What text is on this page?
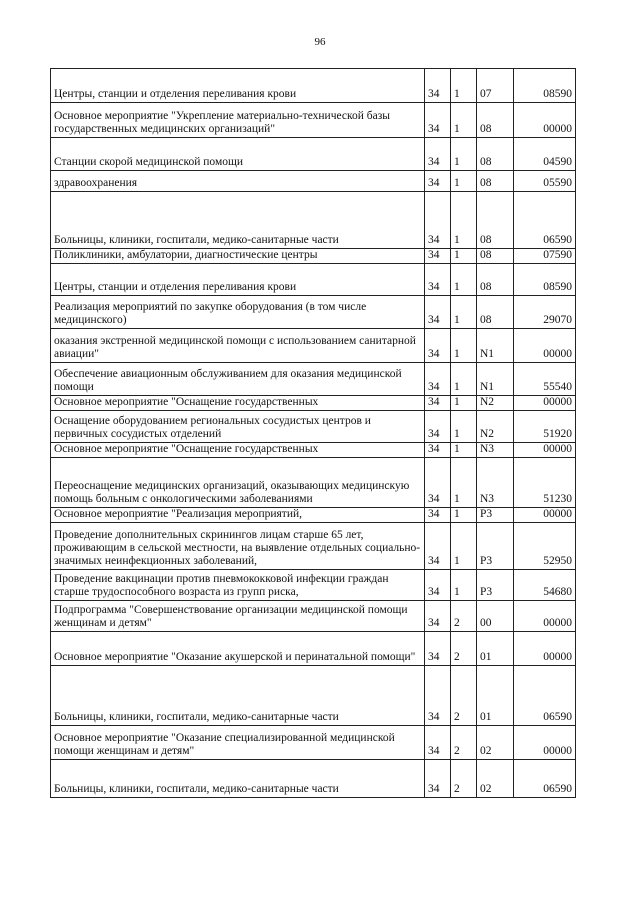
96
Центры, станции и отделения переливания крови	34	1	07	08590
Основное мероприятие "Укрепление материально-технической базы государственных медицинских организаций"	34	1	08	00000
Станции скорой медицинской помощи	34	1	08	04590
здравоохранения	34	1	08	05590
Больницы, клиники, госпитали, медико-санитарные части	34	1	08	06590
Поликлиники, амбулатории, диагностические центры	34	1	08	07590
Центры, станции и отделения переливания крови	34	1	08	08590
Реализация мероприятий по закупке оборудования (в том числе медицинского)	34	1	08	29070
оказания экстренной медицинской помощи с использованием санитарной авиации"	34	1	N1	00000
Обеспечение авиационным обслуживанием для оказания медицинской помощи	34	1	N1	55540
Основное мероприятие "Оснащение государственных	34	1	N2	00000
Оснащение оборудованием региональных сосудистых центров и первичных сосудистых отделений	34	1	N2	51920
Основное мероприятие "Оснащение государственных	34	1	N3	00000
Переоснащение медицинских организаций, оказывающих медицинскую помощь больным с онкологическими заболеваниями	34	1	N3	51230
Основное мероприятие "Реализация мероприятий,	34	1	P3	00000
Проведение дополнительных скринингов лицам старше 65 лет, проживающим в сельской местности, на выявление отдельных социально-значимых неинфекционных заболеваний,	34	1	P3	52950
Проведение вакцинации против пневмококковой инфекции граждан старше трудоспособного возраста из групп риска,	34	1	P3	54680
Подпрограмма "Совершенствование организации медицинской помощи женщинам и детям"	34	2	00	00000
Основное мероприятие "Оказание акушерской и перинатальной помощи"	34	2	01	00000
Больницы, клиники, госпитали, медико-санитарные части	34	2	01	06590
Основное мероприятие "Оказание специализированной медицинской помощи женщинам и детям"	34	2	02	00000
Больницы, клиники, госпитали, медико-санитарные части	34	2	02	06590
